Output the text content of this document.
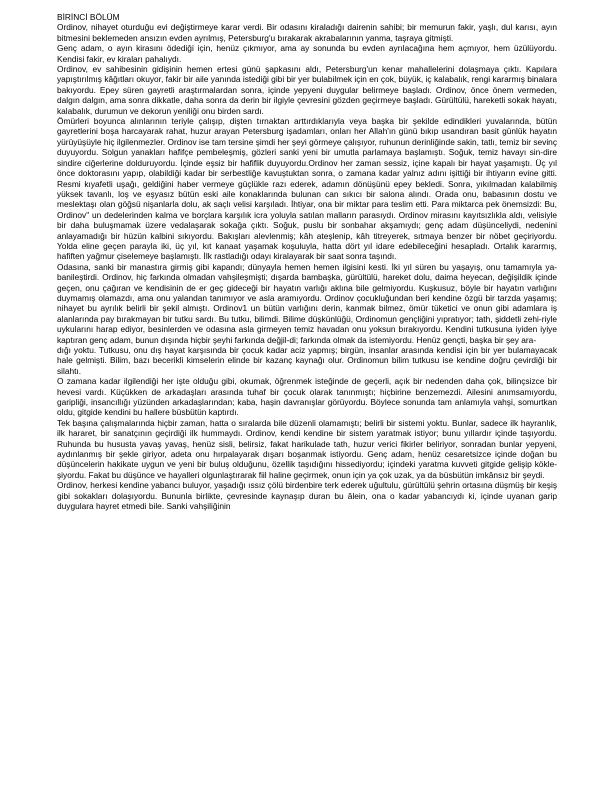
BİRİNCİ BÖLÜM

Ordinov, nihayet oturduğu evi değiştirmeye karar verdi. Bir odasını kiraladığı dairenin sahibi; bir memurun fakir, yaşlı, dul karısı, ayın bitmesini beklemeden ansızın evden ayrılmış, Petersburg'u bırakarak akrabalarının yanma, taşraya gitmişti.

Genç adam, o ayın kirasını ödediği için, henüz çıkmıyor, ama ay sonunda bu evden ayrılacağına hem açmıyor, hem üzülüyordu. Kendisi fakir, ev kiraları pahalıydı.

Ordinov, ev sahibesinin gidişinin hemen ertesi günü şapkasını aldı, Petersburg'un kenar mahallelerini dolaşmaya çıktı. Kapılara yapıştırılmış kâğıtları okuyor, fakir bir aile yanında istediği gibi bir yer bulabilmek için en çok, büyük, iç kalabalık, rengi kararmış binalara bakıyordu. Epey süren gayretli araştırmalardan sonra, içinde yepyeni duygular belirmeye başladı. Ordinov, önce önem vermeden, dalgın dalgın, ama sonra dikkatle, daha sonra da derin bir ilgiyle çevresini gözden geçirmeye başladı. Gürültülü, hareketli sokak hayatı, kalabalık, durumun ve dekorun yeniliği onu birden sardı.

Ömürleri boyunca alınlarının teriyle çalışıp, dişten tırnaktan arttırdıklarıyla veya başka bir şekilde edindikleri yuvalarında, bütün gayretlerini boşa harcayarak rahat, huzur arayan Petersburg işadamları, onları her Allah'ın günü bıkıp usandıran basit günlük hayatın yürüyüşüyle hiç ilgilenmezler. Ordinov ise tam tersine şimdi her şeyi görmeye çalışıyor, ruhunun derinliğinde sakin, tatlı, temiz bir sevinç duyuyordu. Solgun yanakları hafifçe pembeleşmiş, gözleri sanki yeni bir umutla parlamaya başlamıştı. Soğuk, temiz havayı sin-dire sindire ciğerlerine dolduruyordu. İçinde eşsiz bir hafiflik duyuyordu.Ordinov her zaman sessiz, içine kapalı bir hayat yaşamıştı. Üç yıl önce doktorasını yapıp, olabildiği kadar bir serbestliğe kavuştuktan sonra, o zamana kadar yalnız adını işittiği bir ihtiyarın evine gitti. Resmi kıyafetli uşağı, geldiğini haber vermeye güçlükle razı ederek, adamın dönüşünü epey bekledi. Sonra, yıkılmadan kalabilmiş yüksek tavanlı, loş ve eşyasız bütün eski aile konaklarında bulunan can sıkıcı bir salona alındı. Orada onu, babasının dostu ve meslektaşı olan göğsü nişanlarla dolu, ak saçlı velisi karşıladı. İhtiyar, ona bir miktar para teslim etti. Para miktarca pek önemsizdi: Bu, Ordinov" un dedelerinden kalma ve borçlara karşılık icra yoluyla satılan malların parasıydı. Ordinov mirasını kayıtsızlıkla aldı, velisiyle bir daha buluşmamak üzere vedalaşarak sokağa çıktı. Soğuk, puslu bir sonbahar akşamıydı; genç adam düşünceliydi, nedenini anlayamadığı bir hüzün kalbini sıkıyordu. Bakışları alevlenmiş; kâh ateşlenip, kâh titreyerek, sıtmaya benzer bir nöbet geçiriyordu. Yolda eline geçen parayla iki, üç yıl, kıt kanaat yaşamak koşuluyla, hatta dört yıl idare edebileceğini hesapladı. Ortalık kararmış, hafiften yağmur çiselemeye başlamıştı. İlk rastladığı odayı kiralayarak bir saat sonra taşındı.

Odasına, sanki bir manastıra girmiş gibi kapandı; dünyayla hemen hemen ilgisini kesti. İki yıl süren bu yaşayış, onu tamamıyla ya-banileştirdi. Ordinov, hiç farkında olmadan vahşileşmişti; dışarda bambaşka, gürültülü, hareket dolu, daima heyecan, değişildik içinde geçen, onu çağıran ve kendisinin de er geç gideceği bir hayatın varlığı aklına bile gelmiyordu. Kuşkusuz, böyle bir hayatın varlığını duymamış olamazdı, ama onu yalandan tanımıyor ve asla aramıyordu. Ordinov çocukluğundan beri kendine özgü bir tarzda yaşamış; nihayet bu ayrılık belirli bir şekil almıştı. Ordinov1 un bütün varlığını derin, kanmak bilmez, ömür tüketici ve onun gibi adamlara iş alanlarında pay bırakmayan bir tutku sardı. Bu tutku, bilimdi. Bilime düşkünlüğü, Ordinomun gençliğini yıpratıyor; tath, şiddetli zehi-riyle uykularını harap ediyor, besinlerden ve odasına asla girmeyen temiz havadan onu yoksun bırakıyordu. Kendini tutkusuna iyiden iyiye kaptıran genç adam, bunun dışında hiçbir şeyhi farkında değjil-di; farkında olmak da istemiyordu. Henüz gençti, başka bir şey ara-

dığı yoktu. Tutkusu, onu dış hayat karşısında bir çocuk kadar aciz yapmış; birgün, insanlar arasında kendisi için bir yer bulamayacak hale gelmişti. Bilim, bazı becerikli kimselerin elinde bir kazanç kaynağı olur. Ordinomun bilim tutkusu ise kendine doğru çevirdiği bir silahtı.

O zamana kadar ilgilendiği her işte olduğu gibi, okumak, öğrenmek isteğinde de geçerli, açık bir nedenden daha çok, bilinçsizce bir hevesi vardı. Küçükken de arkadaşları arasında tuhaf bir çocuk olarak tanınmıştı; hiçbirine benzemezdi. Ailesini anımsamıyordu, garipliği, insancıllığı yüzünden arkadaşlarından; kaba, haşin davranışlar görüyordu. Böylece sonunda tam anlamıyla vahşi, somurtkan oldu, gitgide kendini bu hallere büsbütün kaptırdı.

Tek başına çalışmalarında hiçbir zaman, hatta o sıralarda bile düzenli olamamıştı; belirli bir sistemi yoktu. Bunlar, sadece ilk hayranlık, ilk hararet, bir sanatçının geçirdiği ilk hummaydı. Ordinov, kendi kendine bir sistem yaratmak istiyor; bunu yıllardır içinde taşıyordu. Ruhunda bu hususta yavaş yavaş, henüz sisli, belirsiz, fakat harikulade tath, huzur verici fikirler beliriyor, sonradan bunlar yepyeni, aydınlanmış bir şekle giriyor, adeta onu hırpalayarak dışarı boşanmak istiyordu. Genç adam, henüz cesaretsizce içinde doğan bu düşüncelerin hakikate uygun ve yeni bir buluş olduğunu, özellik taşıdığını hissediyordu; içindeki yaratma kuvveti gitgide gelişip kökle-şiyordu. Fakat bu düşünce ve hayalleri olgunlaştırarak fiil haline geçirmek, onun için ya çok uzak, ya da büsbütün imkânsız bir şeydi.

Ordinov, herkesi kendine yabancı buluyor, yaşadığı ıssız çölü birdenbire terk ederek uğultulu, gürültülü şehrin ortasına düşmüş bir keşiş gibi sokakları dolaşıyordu. Bununla birlikte, çevresinde kaynaşıp duran bu âlein, ona o kadar yabancıydı ki, içinde uyanan garip duygulara hayret etmedi bile. Sanki vahşiliğinin
